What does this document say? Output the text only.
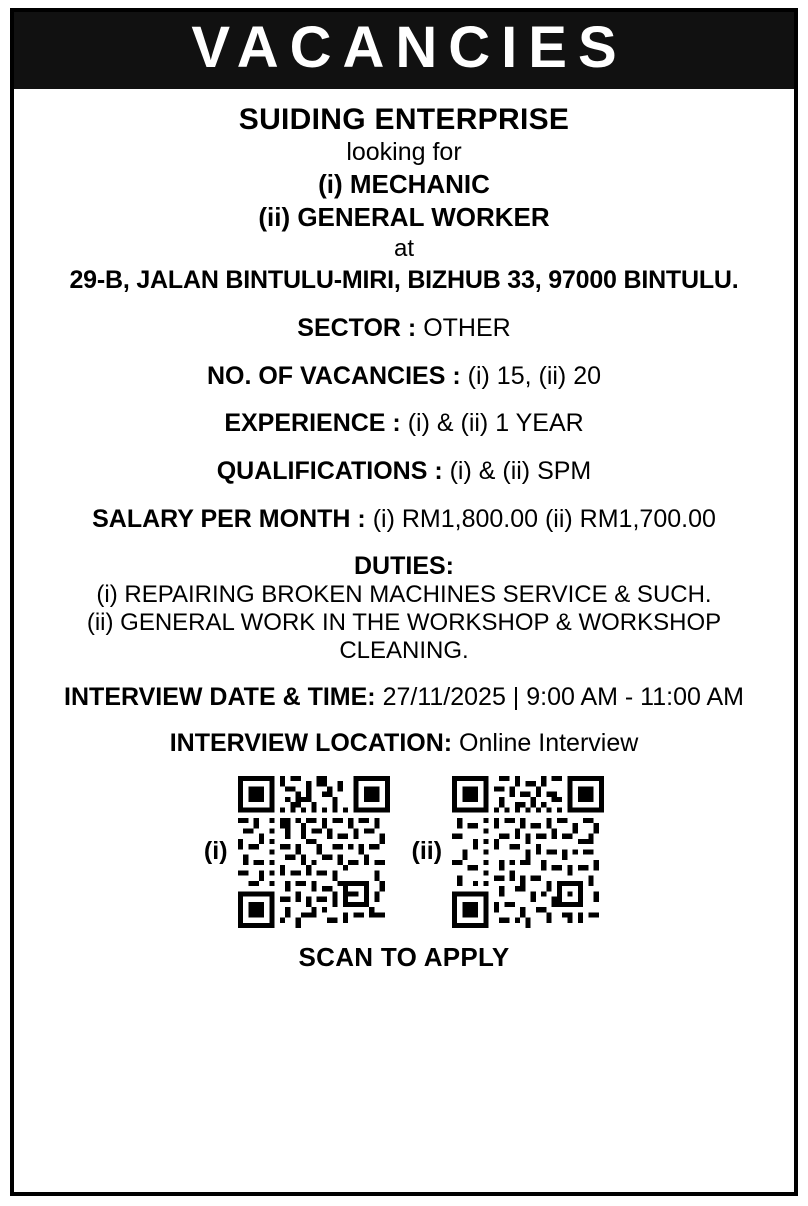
VACANCIES
SUIDING ENTERPRISE
looking for
(i) MECHANIC
(ii) GENERAL WORKER
at
29-B, JALAN BINTULU-MIRI, BIZHUB 33, 97000 BINTULU.
SECTOR : OTHER
NO. OF VACANCIES : (i) 15, (ii) 20
EXPERIENCE : (i) & (ii) 1 YEAR
QUALIFICATIONS : (i) & (ii) SPM
SALARY PER MONTH : (i) RM1,800.00 (ii) RM1,700.00
DUTIES:
(i) REPAIRING BROKEN MACHINES SERVICE & SUCH.
(ii) GENERAL WORK IN THE WORKSHOP & WORKSHOP
CLEANING.
INTERVIEW DATE & TIME: 27/11/2025 | 9:00 AM - 11:00 AM
INTERVIEW LOCATION: Online Interview
(i)	(ii)
SCAN TO APPLY
